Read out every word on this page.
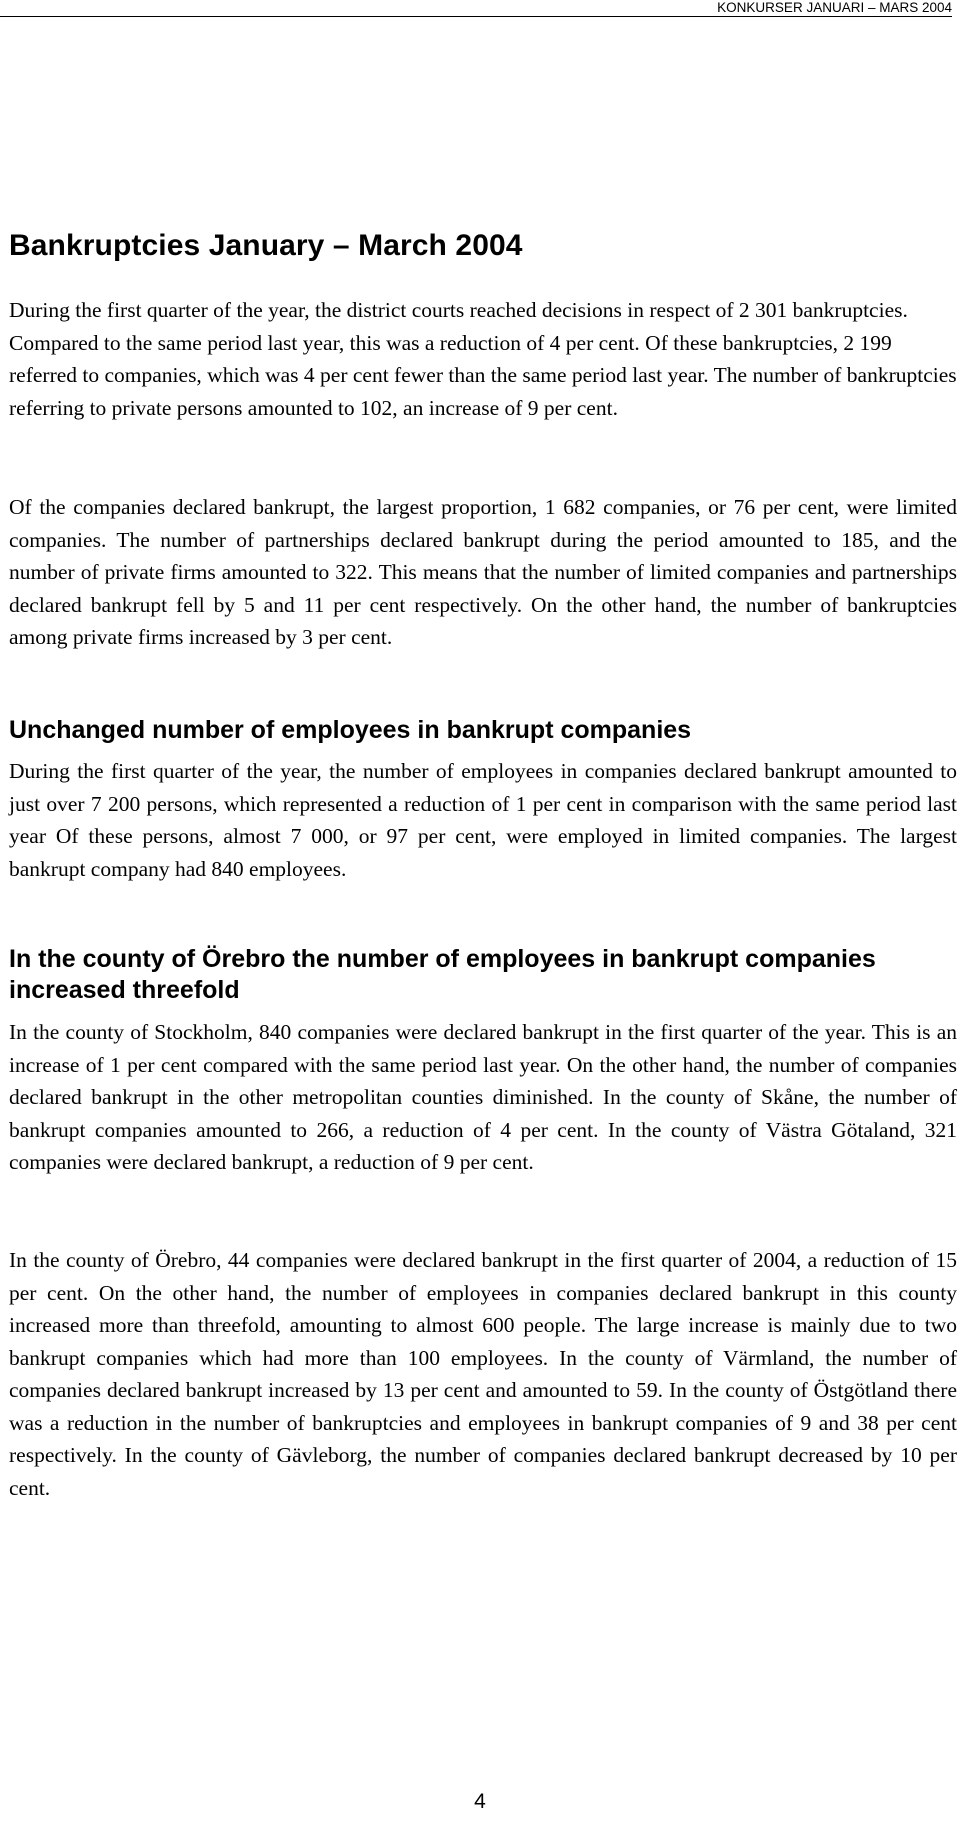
KONKURSER JANUARI – MARS 2004
Bankruptcies January – March 2004

During the first quarter of the year, the district courts reached decisions in respect of 2 301 bankruptcies. Compared to the same period last year, this was a reduction of 4 per cent. Of these bankruptcies, 2 199 referred to companies, which was 4 per cent fewer than the same period last year. The number of bankruptcies referring to private persons amounted to 102, an increase of 9 per cent.

Of the companies declared bankrupt, the largest proportion, 1 682 companies, or 76 per cent, were limited companies. The number of partnerships declared bankrupt during the period amounted to 185, and the number of private firms amounted to 322. This means that the number of limited companies and partnerships declared bankrupt fell by 5 and 11 per cent respectively. On the other hand, the number of bankruptcies among private firms increased by 3 per cent.

Unchanged number of employees in bankrupt companies

During the first quarter of the year, the number of employees in companies declared bankrupt amounted to just over 7 200 persons, which represented a reduction of 1 per cent in comparison with the same period last year Of these persons, almost 7 000, or 97 per cent, were employed in limited companies. The largest bankrupt company had 840 employees.

In the county of Örebro the number of employees in bankrupt companies increased threefold

In the county of Stockholm, 840 companies were declared bankrupt in the first quarter of the year. This is an increase of 1 per cent compared with the same period last year. On the other hand, the number of companies declared bankrupt in the other metropolitan counties diminished. In the county of Skåne, the number of bankrupt companies amounted to 266, a reduction of 4 per cent. In the county of Västra Götaland, 321 companies were declared bankrupt, a reduction of 9 per cent.

In the county of Örebro, 44 companies were declared bankrupt in the first quarter of 2004, a reduction of 15 per cent. On the other hand, the number of employees in companies declared bankrupt in this county increased more than threefold, amounting to almost 600 people. The large increase is mainly due to two bankrupt companies which had more than 100 employees. In the county of Värmland, the number of companies declared bankrupt increased by 13 per cent and amounted to 59. In the county of Östgötland there was a reduction in the number of bankruptcies and employees in bankrupt companies of 9 and 38 per cent respectively. In the county of Gävleborg, the number of companies declared bankrupt decreased by 10 per cent.

4
